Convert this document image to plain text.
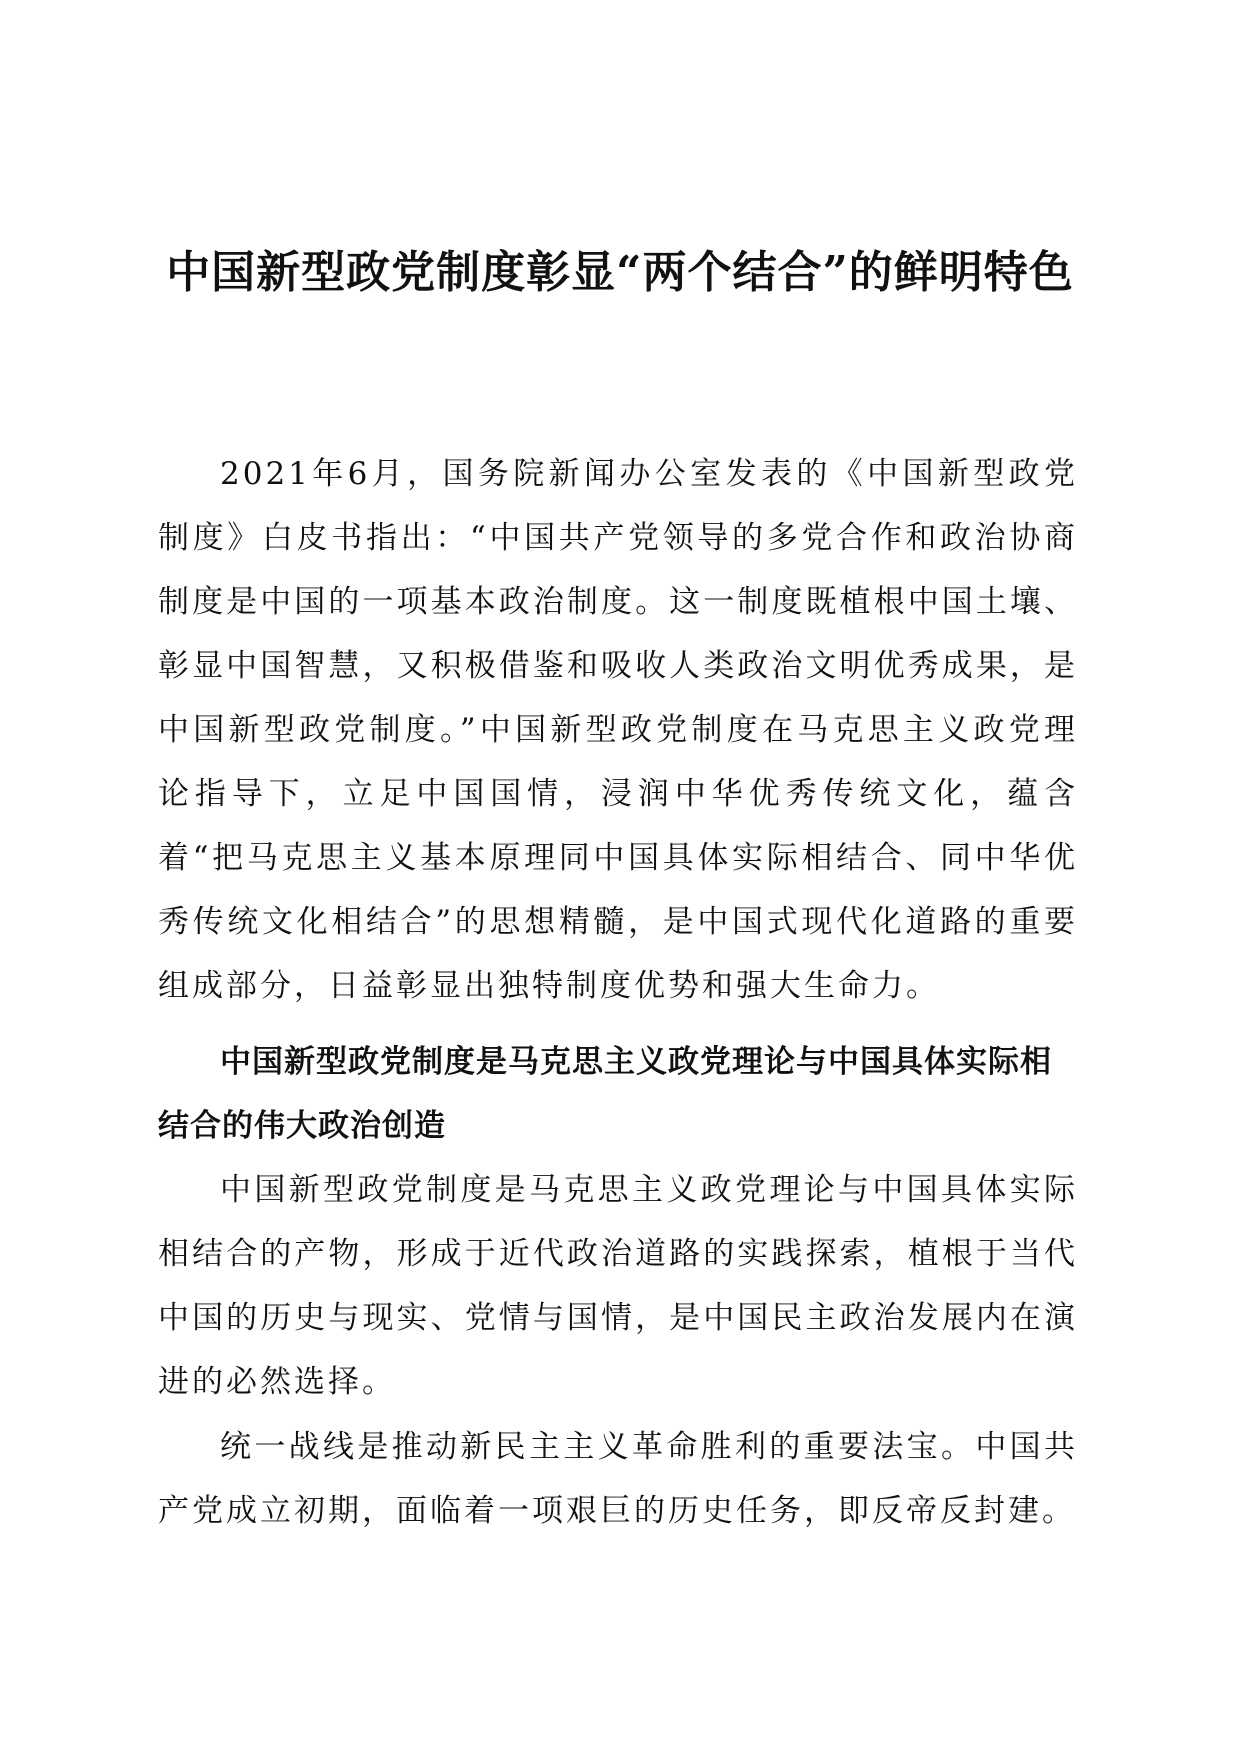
中国新型政党制度彰显“两个结合”的鲜明特色

2021年6月，国务院新闻办公室发表的《中国新型政党制度》白皮书指出：“中国共产党领导的多党合作和政治协商制度是中国的一项基本政治制度。这一制度既植根中国土壤、彰显中国智慧，又积极借鉴和吸收人类政治文明优秀成果，是中国新型政党制度。”中国新型政党制度在马克思主义政党理论指导下，立足中国国情，浸润中华优秀传统文化，蕴含着“把马克思主义基本原理同中国具体实际相结合、同中华优秀传统文化相结合”的思想精髓，是中国式现代化道路的重要组成部分，日益彰显出独特制度优势和强大生命力。

中国新型政党制度是马克思主义政党理论与中国具体实际相结合的伟大政治创造

中国新型政党制度是马克思主义政党理论与中国具体实际相结合的产物，形成于近代政治道路的实践探索，植根于当代中国的历史与现实、党情与国情，是中国民主政治发展内在演进的必然选择。

统一战线是推动新民主主义革命胜利的重要法宝。中国共产党成立初期，面临着一项艰巨的历史任务，即反帝反封建。
